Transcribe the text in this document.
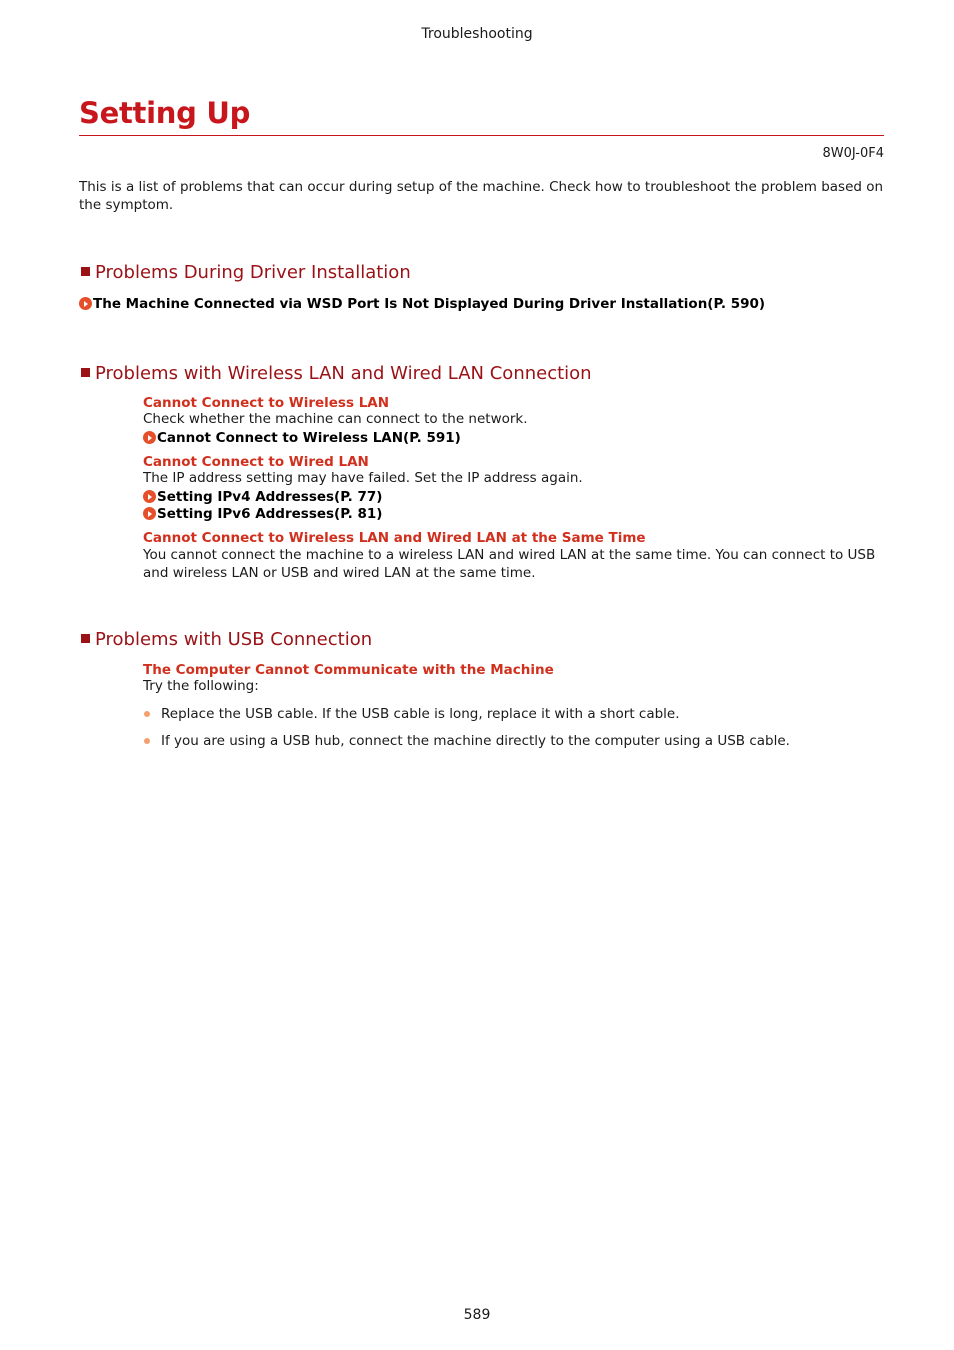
Troubleshooting
Setting Up
8W0J-0F4

This is a list of problems that can occur during setup of the machine. Check how to troubleshoot the problem based on the symptom.

Problems During Driver Installation
The Machine Connected via WSD Port Is Not Displayed During Driver Installation(P. 590)
Problems with Wireless LAN and Wired LAN Connection
Cannot Connect to Wireless LAN

Check whether the machine can connect to the network.

Cannot Connect to Wireless LAN(P. 591)
Cannot Connect to Wired LAN

The IP address setting may have failed. Set the IP address again.

Setting IPv4 Addresses(P. 77)
Setting IPv6 Addresses(P. 81)
Cannot Connect to Wireless LAN and Wired LAN at the Same Time

You cannot connect the machine to a wireless LAN and wired LAN at the same time. You can connect to USB and wireless LAN or USB and wired LAN at the same time.

Problems with USB Connection
The Computer Cannot Communicate with the Machine

Try the following:

Replace the USB cable. If the USB cable is long, replace it with a short cable.
If you are using a USB hub, connect the machine directly to the computer using a USB cable.
589
